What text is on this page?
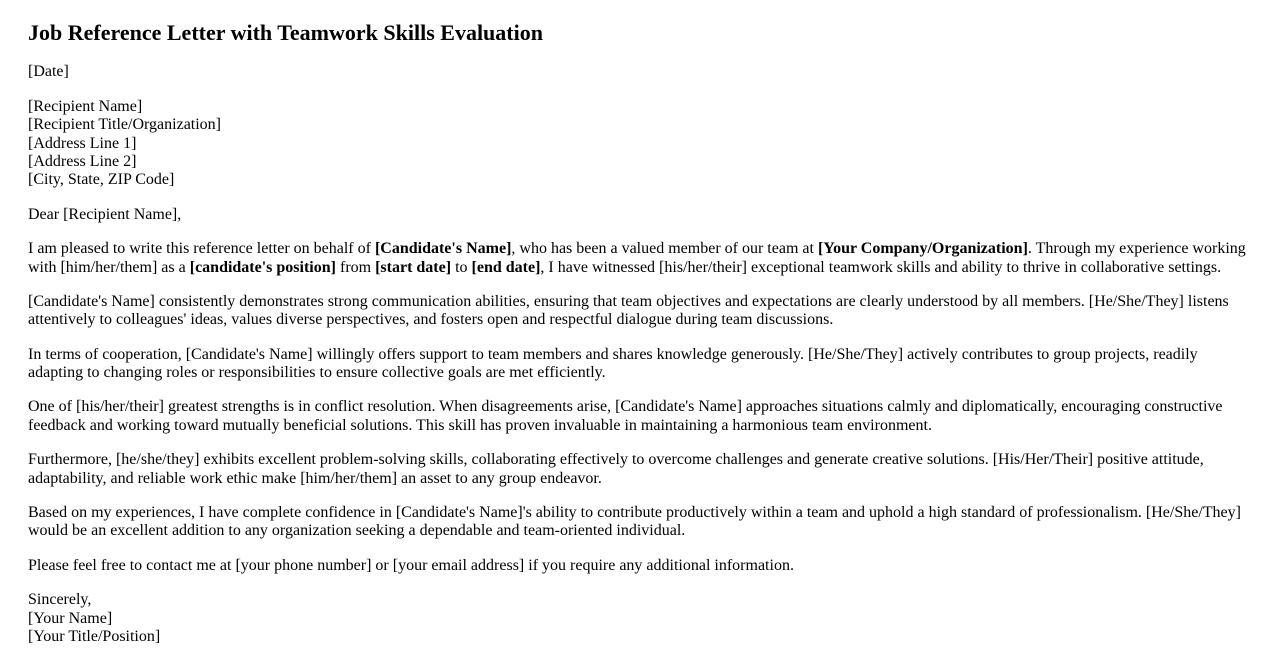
Job Reference Letter with Teamwork Skills Evaluation

[Date]

[Recipient Name]
[Recipient Title/Organization]
[Address Line 1]
[Address Line 2]
[City, State, ZIP Code]

Dear [Recipient Name],

I am pleased to write this reference letter on behalf of [Candidate's Name], who has been a valued member of our team at [Your Company/Organization]. Through my experience working with [him/her/them] as a [candidate's position] from [start date] to [end date], I have witnessed [his/her/their] exceptional teamwork skills and ability to thrive in collaborative settings.

[Candidate's Name] consistently demonstrates strong communication abilities, ensuring that team objectives and expectations are clearly understood by all members. [He/She/They] listens attentively to colleagues' ideas, values diverse perspectives, and fosters open and respectful dialogue during team discussions.

In terms of cooperation, [Candidate's Name] willingly offers support to team members and shares knowledge generously. [He/She/They] actively contributes to group projects, readily adapting to changing roles or responsibilities to ensure collective goals are met efficiently.

One of [his/her/their] greatest strengths is in conflict resolution. When disagreements arise, [Candidate's Name] approaches situations calmly and diplomatically, encouraging constructive feedback and working toward mutually beneficial solutions. This skill has proven invaluable in maintaining a harmonious team environment.

Furthermore, [he/she/they] exhibits excellent problem-solving skills, collaborating effectively to overcome challenges and generate creative solutions. [His/Her/Their] positive attitude, adaptability, and reliable work ethic make [him/her/them] an asset to any group endeavor.

Based on my experiences, I have complete confidence in [Candidate's Name]'s ability to contribute productively within a team and uphold a high standard of professionalism. [He/She/They] would be an excellent addition to any organization seeking a dependable and team-oriented individual.

Please feel free to contact me at [your phone number] or [your email address] if you require any additional information.

Sincerely,
[Your Name]
[Your Title/Position]
